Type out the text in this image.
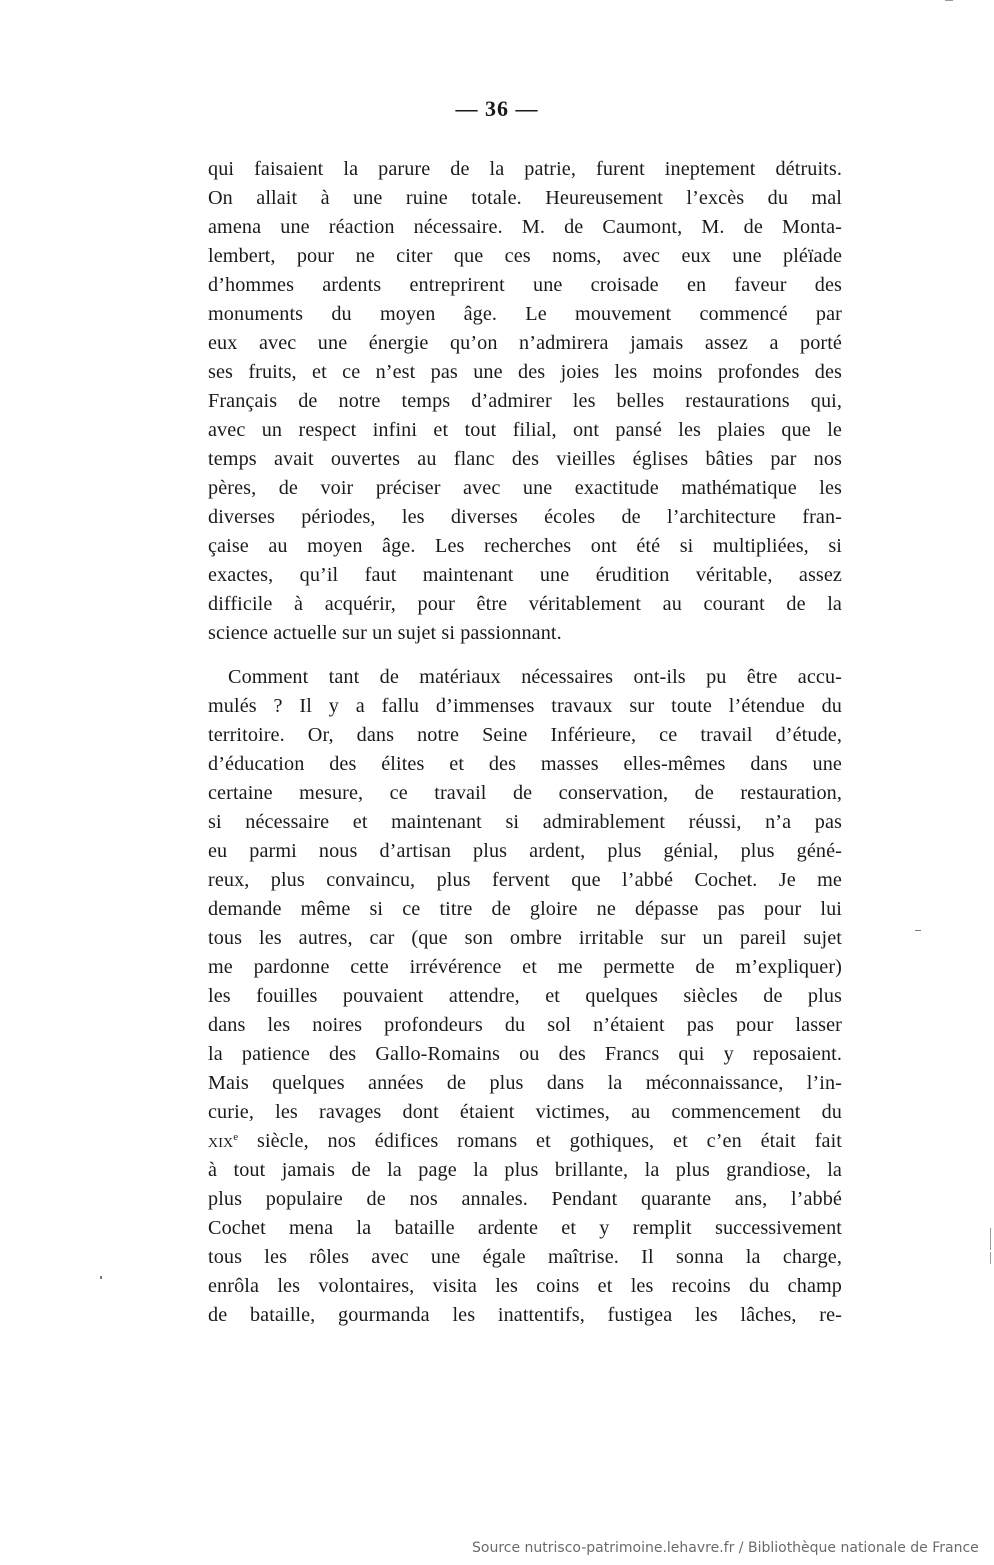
— 36 —
qui faisaient la parure de la patrie, furent ineptement détruits.
On allait à une ruine totale. Heureusement l’excès du mal
amena une réaction nécessaire. M. de Caumont, M. de Monta-
lembert, pour ne citer que ces noms, avec eux une pléïade
d’hommes ardents entreprirent une croisade en faveur des
monuments du moyen âge. Le mouvement commencé par
eux avec une énergie qu’on n’admirera jamais assez a porté
ses fruits, et ce n’est pas une des joies les moins profondes des
Français de notre temps d’admirer les belles restaurations qui,
avec un respect infini et tout filial, ont pansé les plaies que le
temps avait ouvertes au flanc des vieilles églises bâties par nos
pères, de voir préciser avec une exactitude mathématique les
diverses périodes, les diverses écoles de l’architecture fran-
çaise au moyen âge. Les recherches ont été si multipliées, si
exactes, qu’il faut maintenant une érudition véritable, assez
difficile à acquérir, pour être véritablement au courant de la
science actuelle sur un sujet si passionnant.
Comment tant de matériaux nécessaires ont-ils pu être accu-
mulés ? Il y a fallu d’immenses travaux sur toute l’étendue du
territoire. Or, dans notre Seine Inférieure, ce travail d’étude,
d’éducation des élites et des masses elles-mêmes dans une
certaine mesure, ce travail de conservation, de restauration,
si nécessaire et maintenant si admirablement réussi, n’a pas
eu parmi nous d’artisan plus ardent, plus génial, plus géné-
reux, plus convaincu, plus fervent que l’abbé Cochet. Je me
demande même si ce titre de gloire ne dépasse pas pour lui
tous les autres, car (que son ombre irritable sur un pareil sujet
me pardonne cette irrévérence et me permette de m’expliquer)
les fouilles pouvaient attendre, et quelques siècles de plus
dans les noires profondeurs du sol n’étaient pas pour lasser
la patience des Gallo-Romains ou des Francs qui y reposaient.
Mais quelques années de plus dans la méconnaissance, l’in-
curie, les ravages dont étaient victimes, au commencement du
xix$^e$ siècle, nos édifices romans et gothiques, et c’en était fait
à tout jamais de la page la plus brillante, la plus grandiose, la
plus populaire de nos annales. Pendant quarante ans, l’abbé
Cochet mena la bataille ardente et y remplit successivement
tous les rôles avec une égale maîtrise. Il sonna la charge,
enrôla les volontaires, visita les coins et les recoins du champ
de bataille, gourmanda les inattentifs, fustigea les lâches, re-
Source nutrisco-patrimoine.lehavre.fr / Bibliothèque nationale de France
